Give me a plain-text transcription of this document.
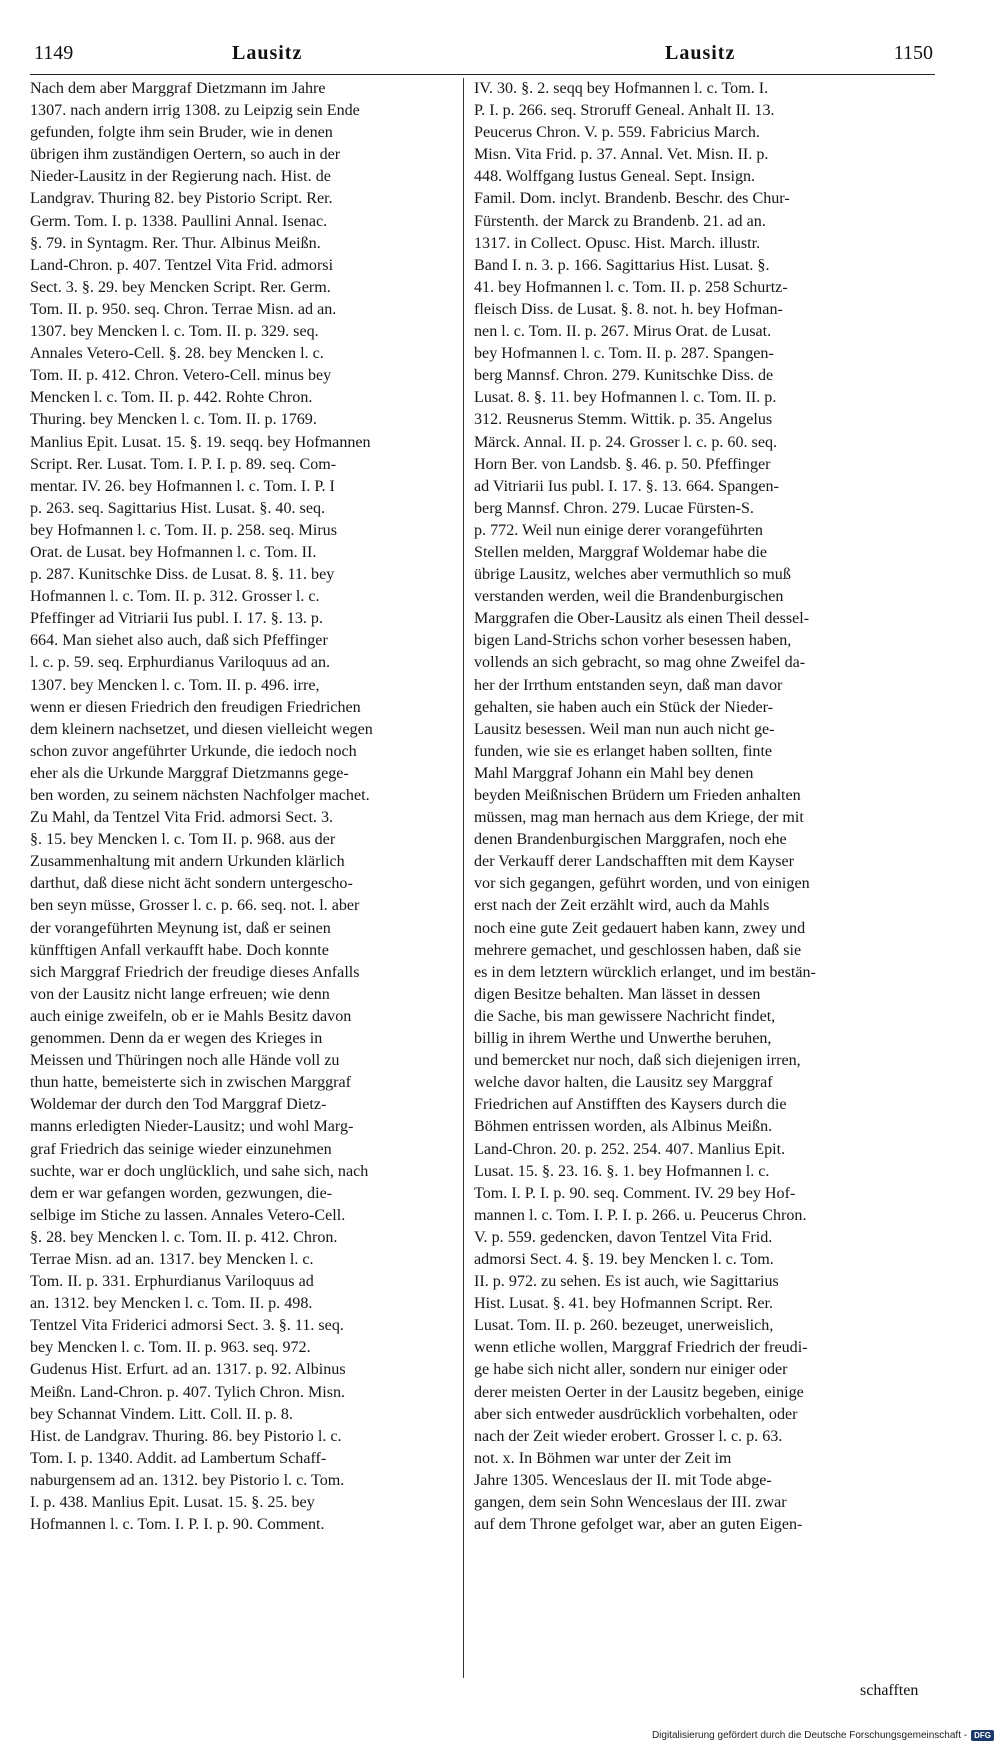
1149	Lausitz	Lausitz	1150
Nach dem aber Marggraf Dietzmann im Jahre
1307. nach andern irrig 1308. zu Leipzig sein Ende
gefunden, folgte ihm sein Bruder, wie in denen
übrigen ihm zuständigen Oertern, so auch in der
Nieder-Lausitz in der Regierung nach. Hist. de
Landgrav. Thuring 82. bey Pistorio Script. Rer.
Germ. Tom. I. p. 1338. Paullini Annal. Isenac.
§. 79. in Syntagm. Rer. Thur. Albinus Meißn.
Land-Chron. p. 407. Tentzel Vita Frid. admorsi
Sect. 3. §. 29. bey Mencken Script. Rer. Germ.
Tom. II. p. 950. seq. Chron. Terrae Misn. ad an.
1307. bey Mencken l. c. Tom. II. p. 329. seq.
Annales Vetero-Cell. §. 28. bey Mencken l. c.
Tom. II. p. 412. Chron. Vetero-Cell. minus bey
Mencken l. c. Tom. II. p. 442. Rohte Chron.
Thuring. bey Mencken l. c. Tom. II. p. 1769.
Manlius Epit. Lusat. 15. §. 19. seqq. bey Hofmannen
Script. Rer. Lusat. Tom. I. P. I. p. 89. seq. Com-
mentar. IV. 26. bey Hofmannen l. c. Tom. I. P. I
p. 263. seq. Sagittarius Hist. Lusat. §. 40. seq.
bey Hofmannen l. c. Tom. II. p. 258. seq. Mirus
Orat. de Lusat. bey Hofmannen l. c. Tom. II.
p. 287. Kunitschke Diss. de Lusat. 8. §. 11. bey
Hofmannen l. c. Tom. II. p. 312. Grosser l. c.
Pfeffinger ad Vitriarii Ius publ. I. 17. §. 13. p.
664. Man siehet also auch, daß sich Pfeffinger
l. c. p. 59. seq. Erphurdianus Variloquus ad an.
1307. bey Mencken l. c. Tom. II. p. 496. irre,
wenn er diesen Friedrich den freudigen Friedrichen
dem kleinern nachsetzet, und diesen vielleicht wegen
schon zuvor angeführter Urkunde, die iedoch noch
eher als die Urkunde Marggraf Dietzmanns gege-
ben worden, zu seinem nächsten Nachfolger machet.
Zu Mahl, da Tentzel Vita Frid. admorsi Sect. 3.
§. 15. bey Mencken l. c. Tom II. p. 968. aus der
Zusammenhaltung mit andern Urkunden klärlich
darthut, daß diese nicht ächt sondern untergescho-
ben seyn müsse, Grosser l. c. p. 66. seq. not. l. aber
der vorangeführten Meynung ist, daß er seinen
künfftigen Anfall verkaufft habe. Doch konnte
sich Marggraf Friedrich der freudige dieses Anfalls
von der Lausitz nicht lange erfreuen; wie denn
auch einige zweifeln, ob er ie Mahls Besitz davon
genommen. Denn da er wegen des Krieges in
Meissen und Thüringen noch alle Hände voll zu
thun hatte, bemeisterte sich in zwischen Marggraf
Woldemar der durch den Tod Marggraf Dietz-
manns erledigten Nieder-Lausitz; und wohl Marg-
graf Friedrich das seinige wieder einzunehmen
suchte, war er doch unglücklich, und sahe sich, nach
dem er war gefangen worden, gezwungen, die-
selbige im Stiche zu lassen. Annales Vetero-Cell.
§. 28. bey Mencken l. c. Tom. II. p. 412. Chron.
Terrae Misn. ad an. 1317. bey Mencken l. c.
Tom. II. p. 331. Erphurdianus Variloquus ad
an. 1312. bey Mencken l. c. Tom. II. p. 498.
Tentzel Vita Friderici admorsi Sect. 3. §. 11. seq.
bey Mencken l. c. Tom. II. p. 963. seq. 972.
Gudenus Hist. Erfurt. ad an. 1317. p. 92. Albinus
Meißn. Land-Chron. p. 407. Tylich Chron. Misn.
bey Schannat Vindem. Litt. Coll. II. p. 8.
Hist. de Landgrav. Thuring. 86. bey Pistorio l. c.
Tom. I. p. 1340. Addit. ad Lambertum Schaff-
naburgensem ad an. 1312. bey Pistorio l. c. Tom.
I. p. 438. Manlius Epit. Lusat. 15. §. 25. bey
Hofmannen l. c. Tom. I. P. I. p. 90. Comment.
IV. 30. §. 2. seqq bey Hofmannen l. c. Tom. I.
P. I. p. 266. seq. Stroruff Geneal. Anhalt II. 13.
Peucerus Chron. V. p. 559. Fabricius March.
Misn. Vita Frid. p. 37. Annal. Vet. Misn. II. p.
448. Wolffgang Iustus Geneal. Sept. Insign.
Famil. Dom. inclyt. Brandenb. Beschr. des Chur-
Fürstenth. der Marck zu Brandenb. 21. ad an.
1317. in Collect. Opusc. Hist. March. illustr.
Band I. n. 3. p. 166. Sagittarius Hist. Lusat. §.
41. bey Hofmannen l. c. Tom. II. p. 258 Schurtz-
fleisch Diss. de Lusat. §. 8. not. h. bey Hofman-
nen l. c. Tom. II. p. 267. Mirus Orat. de Lusat.
bey Hofmannen l. c. Tom. II. p. 287. Spangen-
berg Mannsf. Chron. 279. Kunitschke Diss. de
Lusat. 8. §. 11. bey Hofmannen l. c. Tom. II. p.
312. Reusnerus Stemm. Wittik. p. 35. Angelus
Märck. Annal. II. p. 24. Grosser l. c. p. 60. seq.
Horn Ber. von Landsb. §. 46. p. 50. Pfeffinger
ad Vitriarii Ius publ. I. 17. §. 13. 664. Spangen-
berg Mannsf. Chron. 279. Lucae Fürsten-S.
p. 772. Weil nun einige derer vorangeführten
Stellen melden, Marggraf Woldemar habe die
übrige Lausitz, welches aber vermuthlich so muß
verstanden werden, weil die Brandenburgischen
Marggrafen die Ober-Lausitz als einen Theil dessel-
bigen Land-Strichs schon vorher besessen haben,
vollends an sich gebracht, so mag ohne Zweifel da-
her der Irrthum entstanden seyn, daß man davor
gehalten, sie haben auch ein Stück der Nieder-
Lausitz besessen. Weil man nun auch nicht ge-
funden, wie sie es erlanget haben sollten, finte
Mahl Marggraf Johann ein Mahl bey denen
beyden Meißnischen Brüdern um Frieden anhalten
müssen, mag man hernach aus dem Kriege, der mit
denen Brandenburgischen Marggrafen, noch ehe
der Verkauff derer Landschafften mit dem Kayser
vor sich gegangen, geführt worden, und von einigen
erst nach der Zeit erzählt wird, auch da Mahls
noch eine gute Zeit gedauert haben kann, zwey und
mehrere gemachet, und geschlossen haben, daß sie
es in dem letztern würcklich erlanget, und im bestän-
digen Besitze behalten. Man lässet in dessen
die Sache, bis man gewissere Nachricht findet,
billig in ihrem Werthe und Unwerthe beruhen,
und bemercket nur noch, daß sich diejenigen irren,
welche davor halten, die Lausitz sey Marggraf
Friedrichen auf Anstifften des Kaysers durch die
Böhmen entrissen worden, als Albinus Meißn.
Land-Chron. 20. p. 252. 254. 407. Manlius Epit.
Lusat. 15. §. 23. 16. §. 1. bey Hofmannen l. c.
Tom. I. P. I. p. 90. seq. Comment. IV. 29 bey Hof-
mannen l. c. Tom. I. P. I. p. 266. u. Peucerus Chron.
V. p. 559. gedencken, davon Tentzel Vita Frid.
admorsi Sect. 4. §. 19. bey Mencken l. c. Tom.
II. p. 972. zu sehen. Es ist auch, wie Sagittarius
Hist. Lusat. §. 41. bey Hofmannen Script. Rer.
Lusat. Tom. II. p. 260. bezeuget, unerweislich,
wenn etliche wollen, Marggraf Friedrich der freudi-
ge habe sich nicht aller, sondern nur einiger oder
derer meisten Oerter in der Lausitz begeben, einige
aber sich entweder ausdrücklich vorbehalten, oder
nach der Zeit wieder erobert. Grosser l. c. p. 63.
not. x. In Böhmen war unter der Zeit im
Jahre 1305. Wenceslaus der II. mit Tode abge-
gangen, dem sein Sohn Wenceslaus der III. zwar
auf dem Throne gefolget war, aber an guten Eigen-
schafften
Digitalisierung gefördert durch die Deutsche Forschungsgemeinschaft - DFG
